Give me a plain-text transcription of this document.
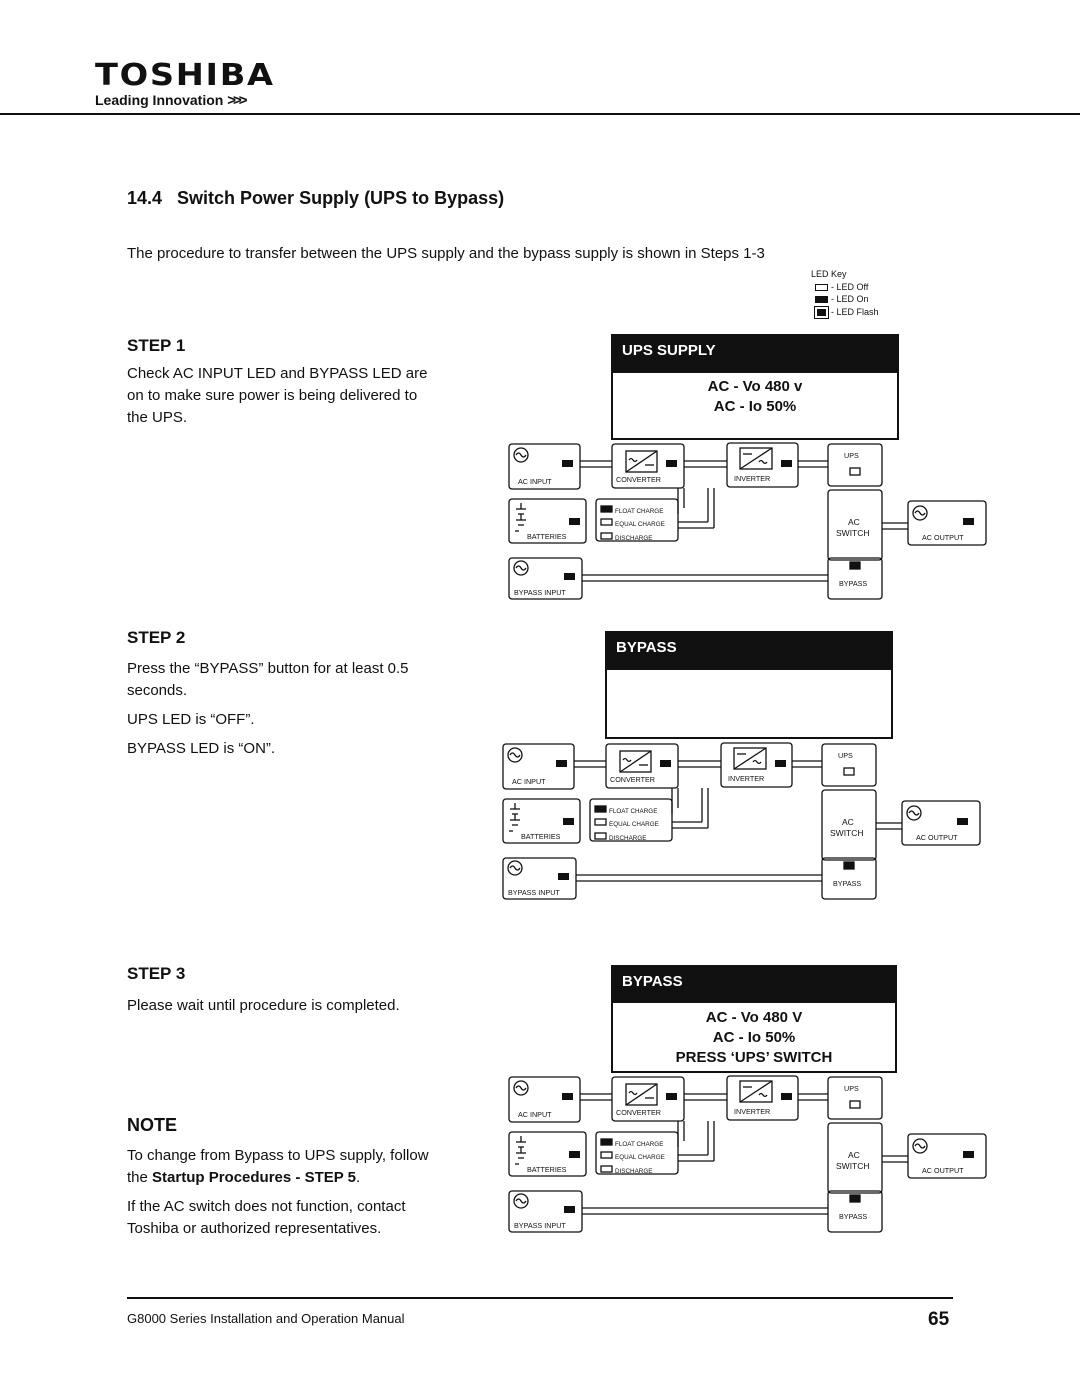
TOSHIBA
Leading Innovation >>>
14.4   Switch Power Supply (UPS to Bypass)
The procedure to transfer between the UPS supply and the bypass supply is shown in Steps 1-3
LED Key
- LED Off
- LED On
- LED Flash
STEP 1
Check AC INPUT LED and BYPASS LED are
on to make sure power is being delivered to
the UPS.
UPS SUPPLY
AC - Vo 480 v
AC - Io 50%
STEP 2
Press the “BYPASS” button for at least 0.5
seconds.
UPS LED is “OFF”.
BYPASS LED is “ON”.
BYPASS
STEP 3
Please wait until procedure is completed.
BYPASS
AC - Vo 480 V
AC - Io 50%
PRESS ‘UPS’ SWITCH
NOTE
To change from Bypass to UPS supply, follow
the Startup Procedures - STEP 5.
If the AC switch does not function, contact
Toshiba or authorized representatives.
AC INPUT	CONVERTER	INVERTER
UPS
BATTERIES
FLOAT CHARGE
EQUAL CHARGE
DISCHARGE
AC
SWITCH	AC OUTPUT
BYPASS INPUT
BYPASS
AC INPUT	CONVERTER	INVERTER
UPS
BATTERIES
FLOAT CHARGE
EQUAL CHARGE
DISCHARGE
AC
SWITCH	AC OUTPUT
BYPASS INPUT
BYPASS
AC INPUT	CONVERTER	INVERTER
UPS
BATTERIES
FLOAT CHARGE
EQUAL CHARGE
DISCHARGE
AC
SWITCH	AC OUTPUT
BYPASS INPUT
BYPASS
G8000 Series Installation and Operation Manual	65
